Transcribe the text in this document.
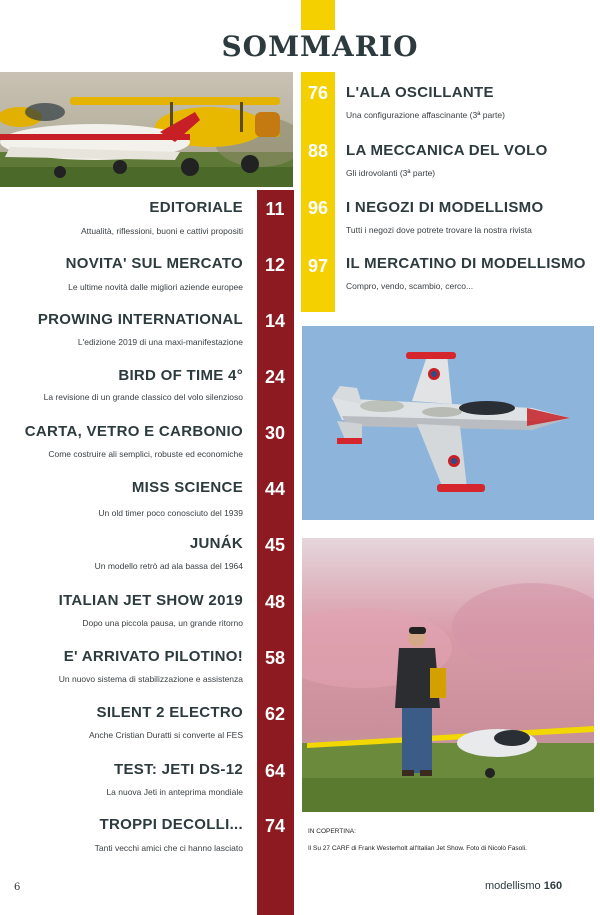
SOMMARIO
76	L'ALA OSCILLANTE
Una configurazione affascinante (3ª parte)
88	LA MECCANICA DEL VOLO
Gli idrovolanti (3ª parte)
96	I NEGOZI DI MODELLISMO
Tutti i negozi dove potrete trovare la nostra rivista
97	IL MERCATINO DI MODELLISMO
Compro, vendo, scambio, cerco...
EDITORIALE	11
Attualità, riflessioni, buoni e cattivi propositi
NOVITA' SUL MERCATO	12
Le ultime novità dalle migliori aziende europee
PROWING INTERNATIONAL	14
L'edizione 2019 di una maxi-manifestazione
BIRD OF TIME 4°	24
La revisione di un grande classico del volo silenzioso
CARTA, VETRO E CARBONIO	30
Come costruire ali semplici, robuste ed economiche
MISS SCIENCE	44
Un old timer poco conosciuto del 1939
JUNÁK	45
Un modello retrò ad ala bassa del 1964
ITALIAN JET SHOW 2019	48
Dopo una piccola pausa, un grande ritorno
E' ARRIVATO PILOTINO!	58
Un nuovo sistema di stabilizzazione e assistenza
SILENT 2 ELECTRO	62
Anche Cristian Duratti si converte al FES
TEST: JETI DS-12	64
La nuova Jeti in anteprima mondiale
TROPPI DECOLLI...	74
Tanti vecchi amici che ci hanno lasciato
IN COPERTINA:
Il Su 27 CARF di Frank Westerholt all'Italian Jet Show. Foto di Nicolò Fasoli.
6	modellismo 160
